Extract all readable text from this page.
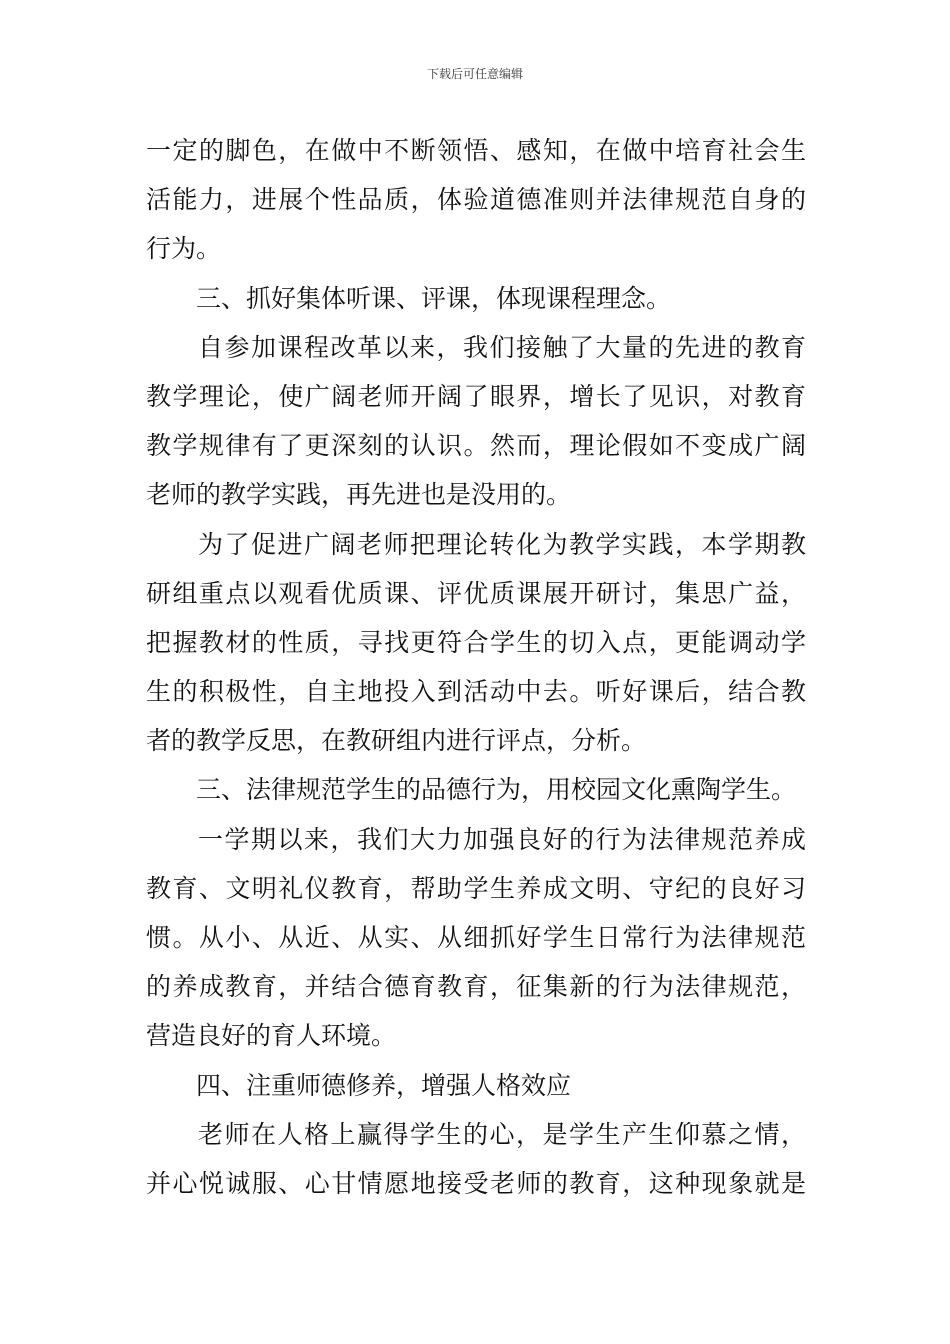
下载后可任意编辑
一定的脚色，在做中不断领悟、感知，在做中培育社会生
活能力，进展个性品质，体验道德准则并法律规范自身的
行为。
三、抓好集体听课、评课，体现课程理念。
自参加课程改革以来，我们接触了大量的先进的教育
教学理论，使广阔老师开阔了眼界，增长了见识，对教育
教学规律有了更深刻的认识。然而，理论假如不变成广阔
老师的教学实践，再先进也是没用的。
为了促进广阔老师把理论转化为教学实践，本学期教
研组重点以观看优质课、评优质课展开研讨，集思广益，
把握教材的性质，寻找更符合学生的切入点，更能调动学
生的积极性，自主地投入到活动中去。听好课后，结合教
者的教学反思，在教研组内进行评点，分析。
三、法律规范学生的品德行为，用校园文化熏陶学生。
一学期以来，我们大力加强良好的行为法律规范养成
教育、文明礼仪教育，帮助学生养成文明、守纪的良好习
惯。从小、从近、从实、从细抓好学生日常行为法律规范
的养成教育，并结合德育教育，征集新的行为法律规范，
营造良好的育人环境。
四、注重师德修养，增强人格效应
老师在人格上赢得学生的心，是学生产生仰慕之情，
并心悦诚服、心甘情愿地接受老师的教育，这种现象就是
